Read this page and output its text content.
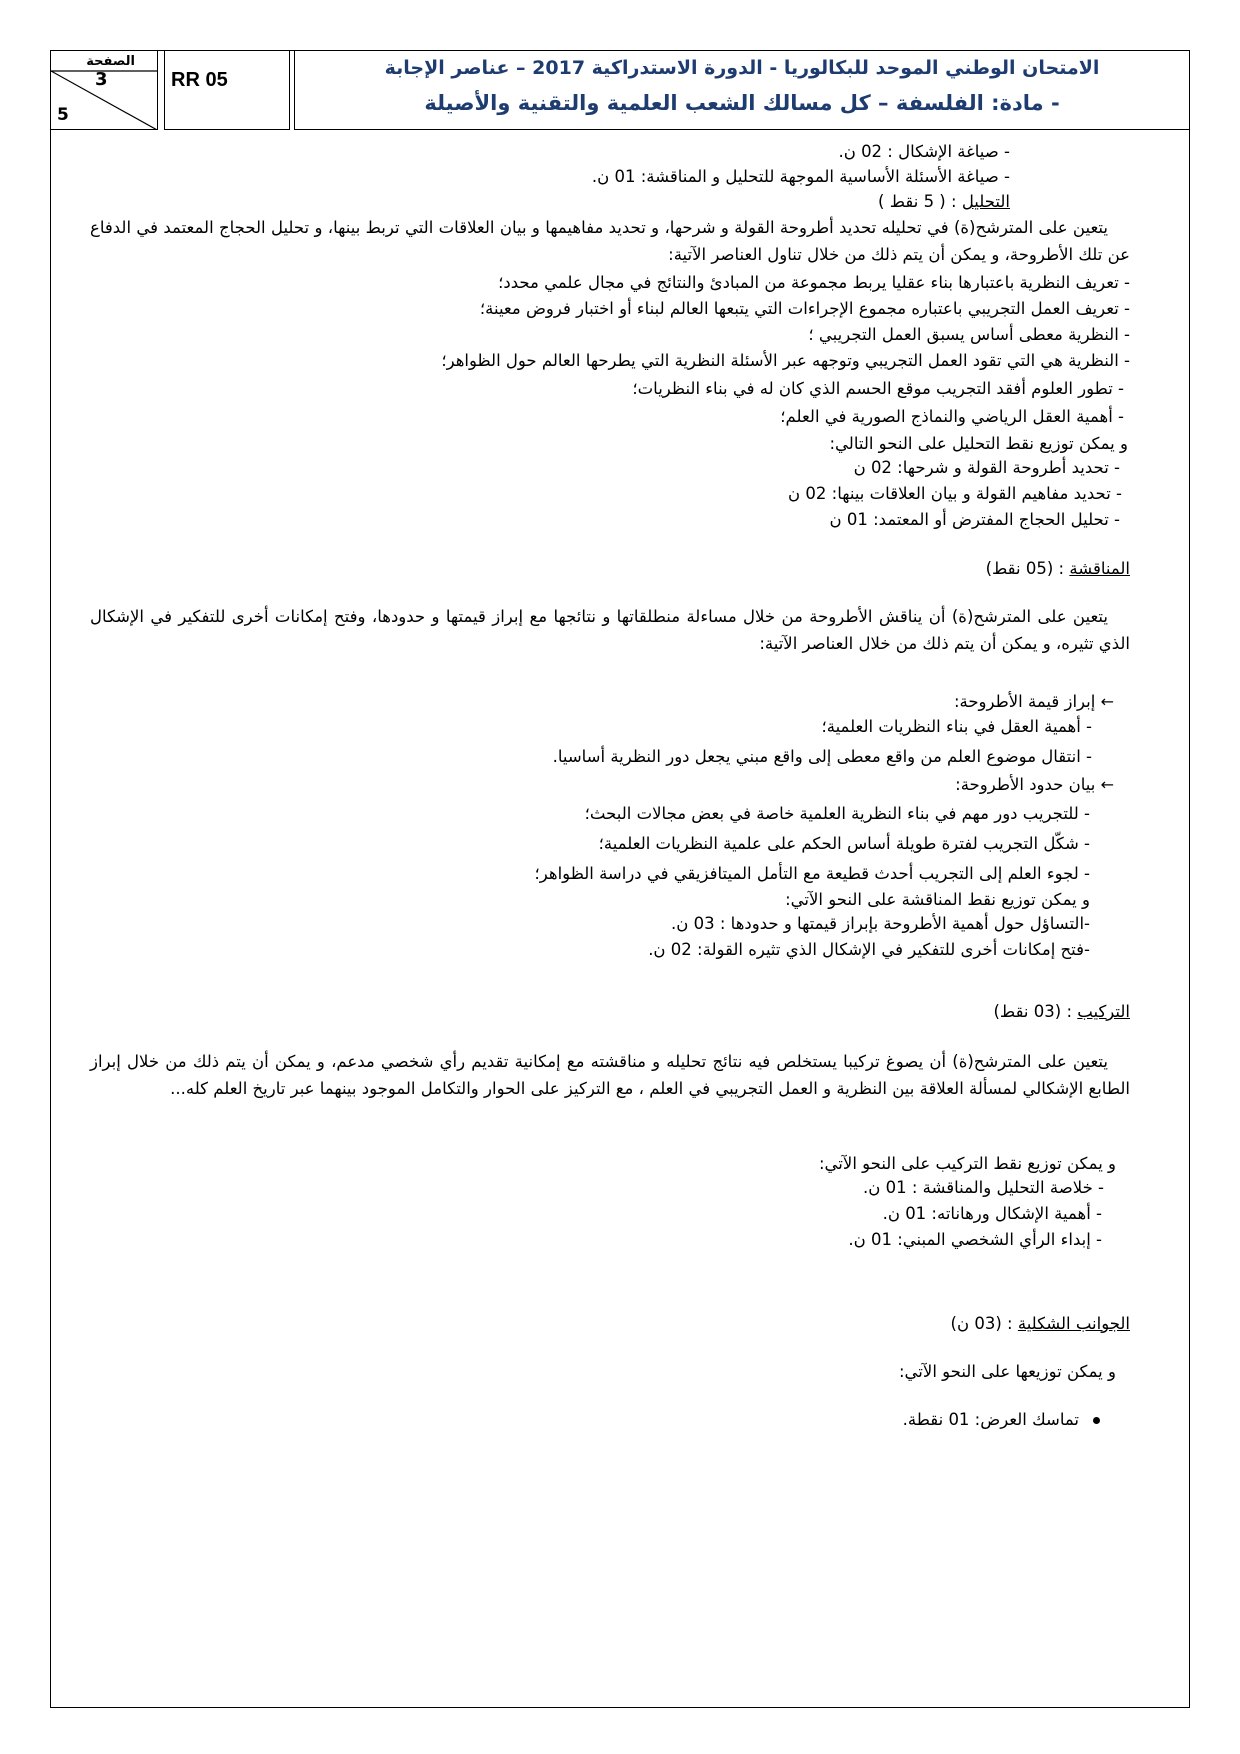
الامتحان الوطني الموحد للبكالوريا - الدورة الاستدراكية 2017 – عناصر الإجابة
- مادة: الفلسفة – كل مسالك الشعب العلمية والتقنية والأصيلة
RR 05
الصفحة
3
5
- صياغة الإشكال : 02 ن.
- صياغة الأسئلة الأساسية الموجهة للتحليل و المناقشة: 01 ن.
التحليل : ( 5 نقط )
يتعين على المترشح(ة) في تحليله تحديد أطروحة القولة و شرحها، و تحديد مفاهيمها و بيان العلاقات التي تربط بينها، و تحليل الحجاج المعتمد في الدفاع عن تلك الأطروحة، و يمكن أن يتم ذلك من خلال تناول العناصر الآتية:
- تعريف النظرية باعتبارها بناء عقليا يربط مجموعة من المبادئ والنتائج في مجال علمي محدد؛
- تعريف العمل التجريبي باعتباره مجموع الإجراءات التي يتبعها العالم لبناء أو اختبار فروض معينة؛
- النظرية معطى أساس يسبق العمل التجريبي ؛
- النظرية هي التي تقود العمل التجريبي وتوجهه عبر الأسئلة النظرية التي يطرحها العالم حول الظواهر؛
- تطور العلوم أفقد التجريب موقع الحسم الذي كان له في بناء النظريات؛
- أهمية العقل الرياضي والنماذج الصورية في العلم؛
و يمكن توزيع نقط التحليل على النحو التالي:
- تحديد أطروحة القولة و شرحها: 02 ن
- تحديد مفاهيم القولة و بيان العلاقات بينها: 02 ن
- تحليل الحجاج المفترض أو المعتمد: 01 ن
المناقشة : (05 نقط)
يتعين على المترشح(ة) أن يناقش الأطروحة من خلال مساءلة منطلقاتها و نتائجها مع إبراز قيمتها و حدودها، وفتح إمكانات أخرى للتفكير في الإشكال الذي تثيره، و يمكن أن يتم ذلك من خلال العناصر الآتية:
← إبراز قيمة الأطروحة:
- أهمية العقل في بناء النظريات العلمية؛
- انتقال موضوع العلم من واقع معطى إلى واقع مبني يجعل دور النظرية أساسيا.
← بيان حدود الأطروحة:
- للتجريب دور مهم في بناء النظرية العلمية خاصة في بعض مجالات البحث؛
- شكّل التجريب لفترة طويلة أساس الحكم على علمية النظريات العلمية؛
- لجوء العلم إلى التجريب أحدث قطيعة مع التأمل الميتافزيقي في دراسة الظواهر؛
و يمكن توزيع نقط المناقشة على النحو الآتي:
-التساؤل حول أهمية الأطروحة بإبراز قيمتها و حدودها : 03 ن.
-فتح إمكانات أخرى للتفكير في الإشكال الذي تثيره القولة: 02 ن.
التركيب : (03 نقط)
يتعين على المترشح(ة) أن يصوغ تركيبا يستخلص فيه نتائج تحليله و مناقشته مع إمكانية تقديم رأي شخصي مدعم، و يمكن أن يتم ذلك من خلال إبراز الطابع الإشكالي لمسألة العلاقة بين النظرية و العمل التجريبي في العلم ، مع التركيز على الحوار والتكامل الموجود بينهما عبر تاريخ العلم كله...
و يمكن توزيع نقط التركيب على النحو الآتي:
- خلاصة التحليل والمناقشة : 01 ن.
- أهمية الإشكال ورهاناته: 01 ن.
- إبداء الرأي الشخصي المبني: 01 ن.
الجوانب الشكلية : (03 ن)
و يمكن توزيعها على النحو الآتي:
تماسك العرض: 01 نقطة.
